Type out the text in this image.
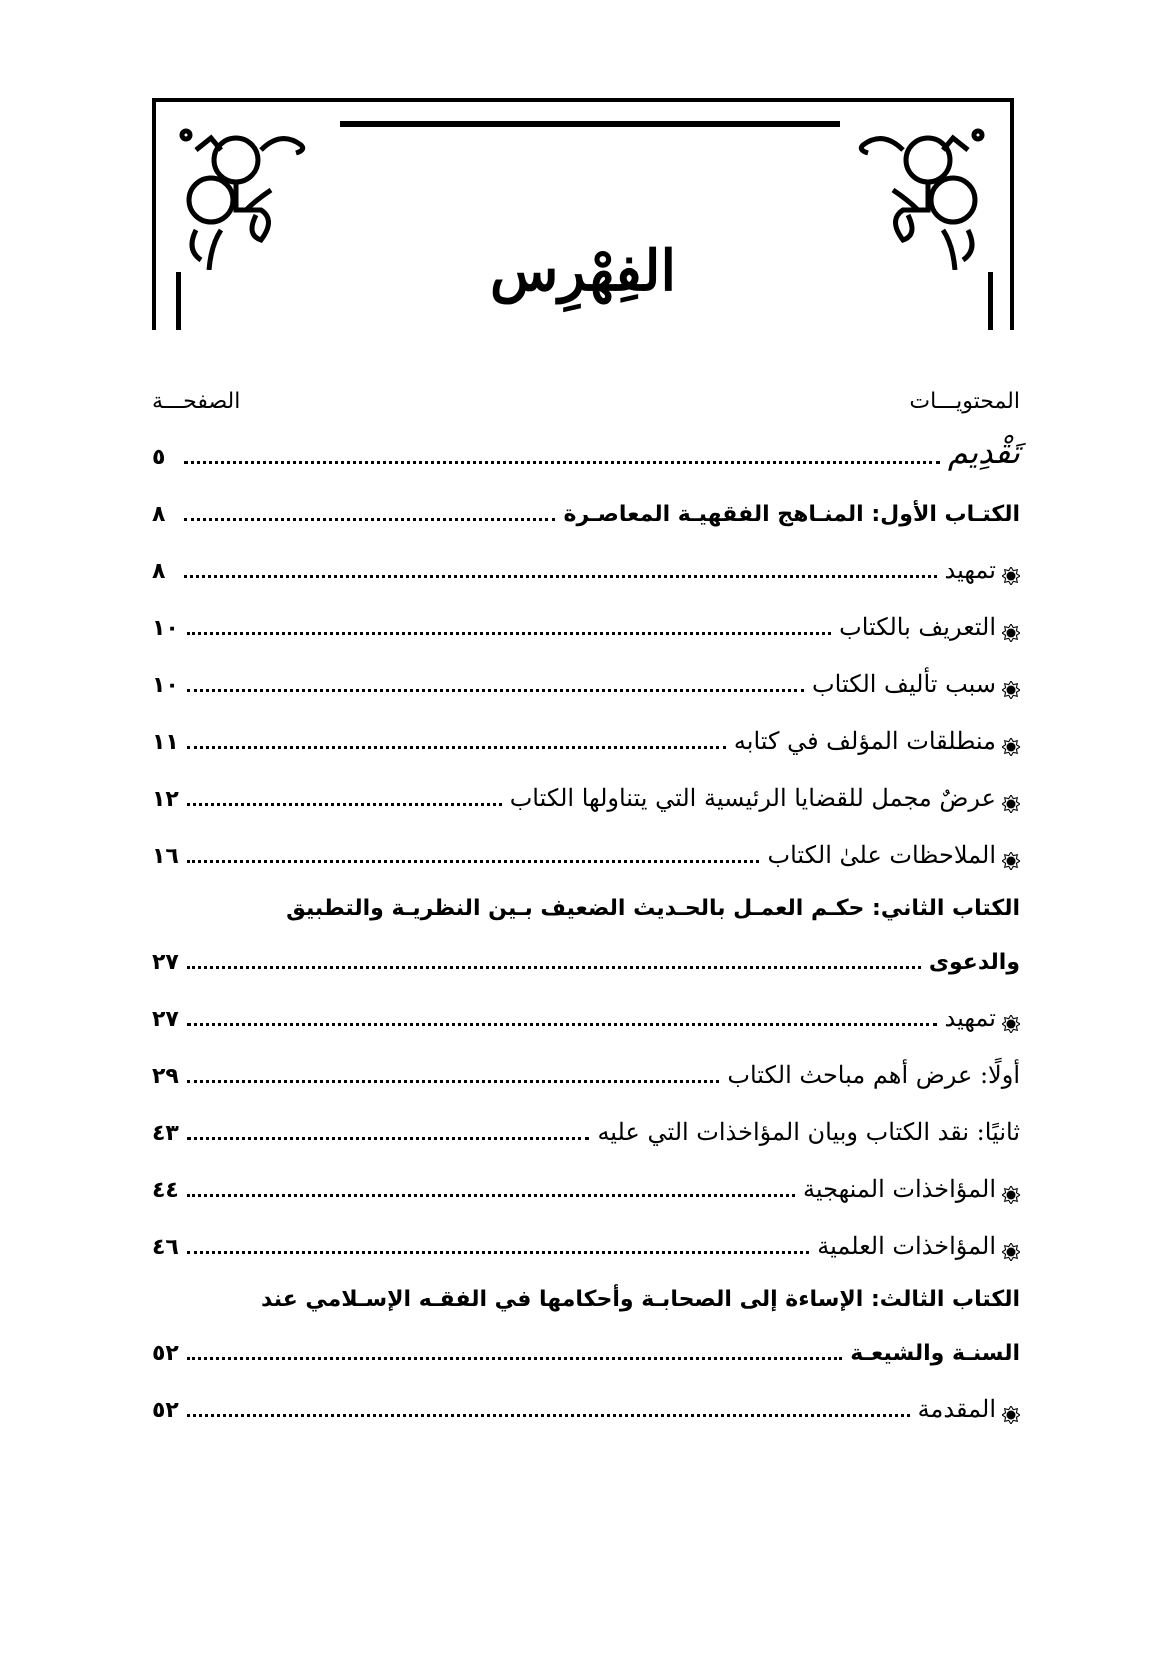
الفِهْرِس
المحتويـــات
الصفحـــة
تَقْدِيم
٥
الكتـاب الأول: المنـاهج الفقهيـة المعاصـرة
٨
تمهيد
٨
التعريف بالكتاب
١٠
سبب تأليف الكتاب
١٠
منطلقات المؤلف في كتابه
١١
عرضٌ مجمل للقضايا الرئيسية التي يتناولها الكتاب
١٢
الملاحظات علىٰ الكتاب
١٦
الكتاب الثاني: حكـم العمـل بالحـديث الضعيف بـين النظريـة والتطبيق
والدعوى
٢٧
تمهيد
٢٧
أولًا: عرض أهم مباحث الكتاب
٢٩
ثانيًا: نقد الكتاب وبيان المؤاخذات التي عليه
٤٣
المؤاخذات المنهجية
٤٤
المؤاخذات العلمية
٤٦
الكتاب الثالث: الإساءة إلى الصحابـة وأحكامها في الفقـه الإسـلامي عند
السنـة والشيعـة
٥٢
المقدمة
٥٢
